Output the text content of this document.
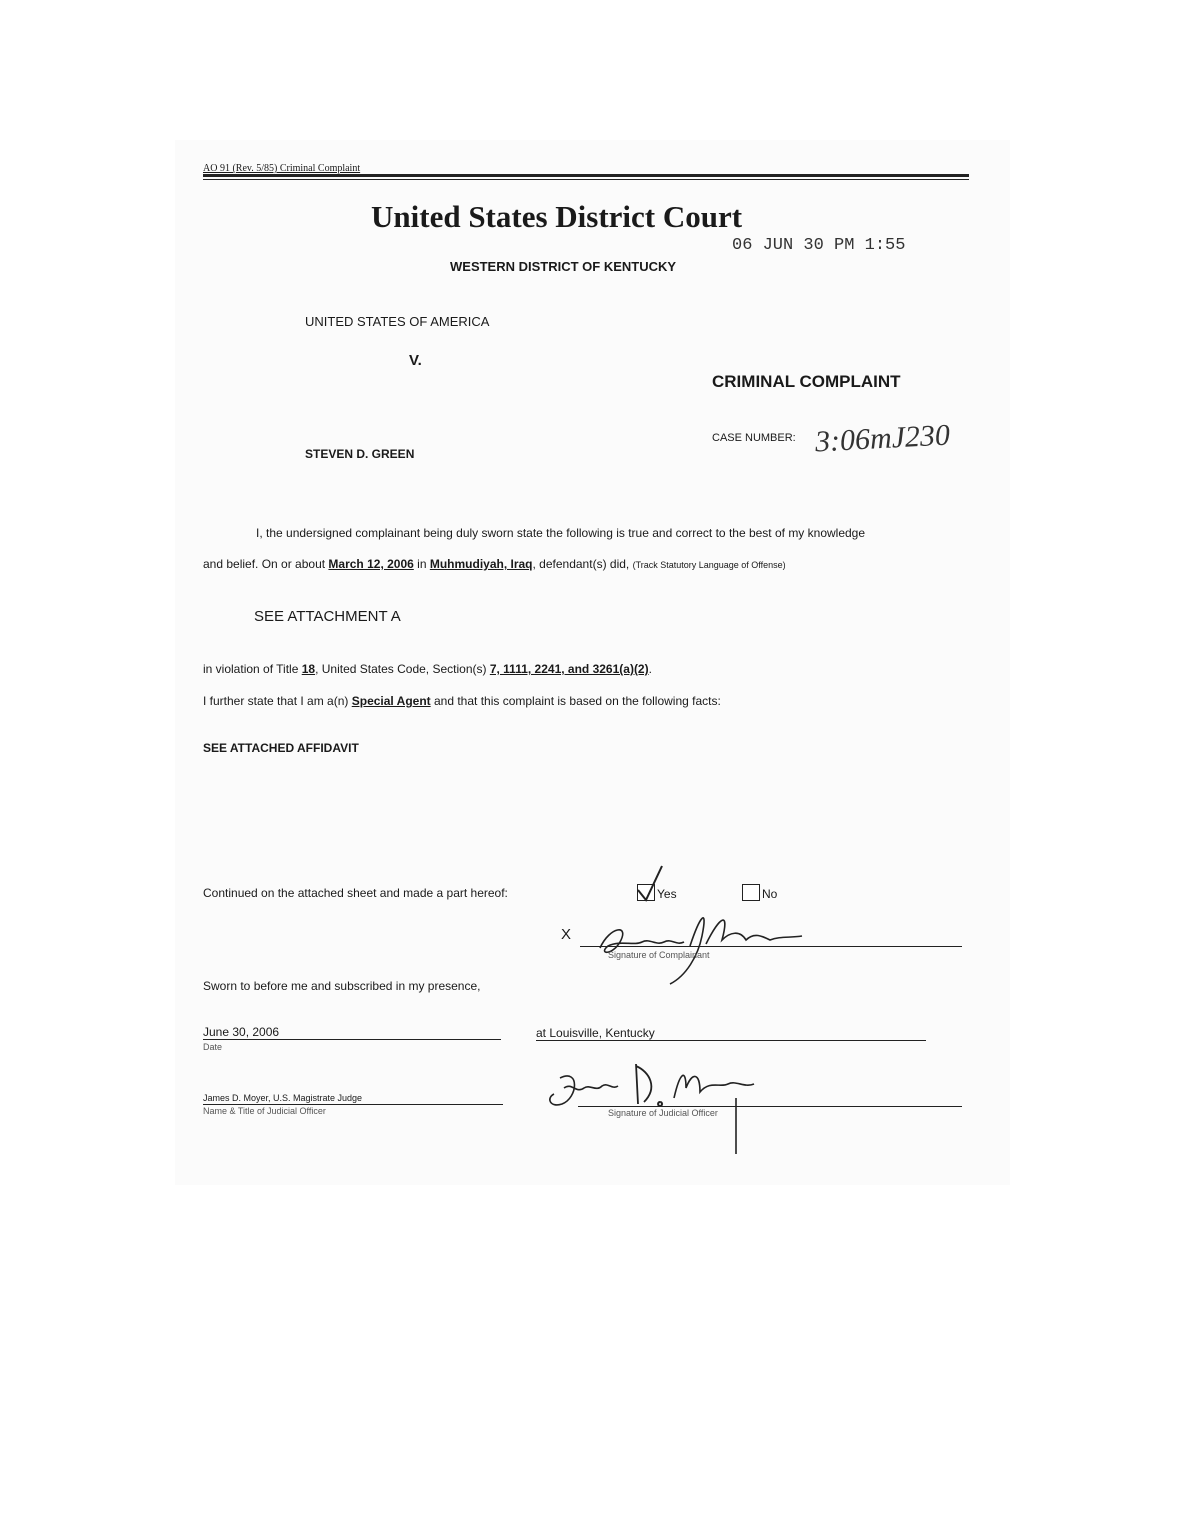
AO 91 (Rev. 5/85) Criminal Complaint
United States District Court
06 JUN 30 PM 1:55
WESTERN DISTRICT OF KENTUCKY
UNITED STATES OF AMERICA
V.
CRIMINAL COMPLAINT
CASE NUMBER: 3:06mJ230
STEVEN D. GREEN
I, the undersigned complainant being duly sworn state the following is true and correct to the best of my knowledge
and belief. On or about March 12, 2006 in Muhmudiyah, Iraq, defendant(s) did, (Track Statutory Language of Offense)
SEE ATTACHMENT A
in violation of Title 18, United States Code, Section(s) 7, 1111, 2241, and 3261(a)(2).
I further state that I am a(n) Special Agent and that this complaint is based on the following facts:
SEE ATTACHED AFFIDAVIT
Continued on the attached sheet and made a part hereof:	Yes	No
X
Signature of Complainant
Sworn to before me and subscribed in my presence,
June 30, 2006
Date
at Louisville, Kentucky
James D. Moyer, U.S. Magistrate Judge
Name & Title of Judicial Officer	Signature of Judicial Officer
